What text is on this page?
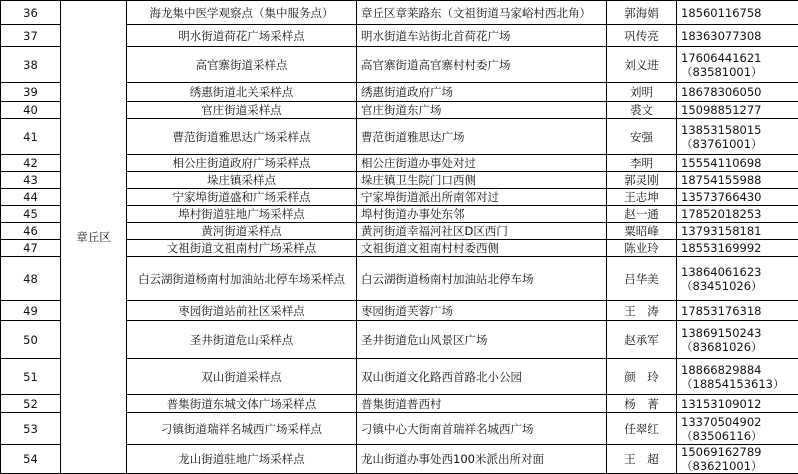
36	章丘区	海龙集中医学观察点（集中服务点）	章丘区章莱路东（文祖街道马家峪村西北角）	郭海娟	18560116758
37		明水街道荷花广场采样点	明水街道车站街北首荷花广场	巩传亮	18363077308
38		高官寨街道采样点	高官寨街道高官寨村村委广场	刘义进	17606441621（83581001）
39		绣惠街道北关采样点	绣惠街道政府广场	刘明	18678306050
40		官庄街道采样点	官庄街道东广场	裘文	15098851277
41		曹范街道雅思达广场采样点	曹范街道雅思达广场	安强	13853158015（83761001）
42		相公庄街道政府广场采样点	相公庄街道办事处对过	李明	15554110698
43		垛庄镇采样点	垛庄镇卫生院门口西侧	郭灵刚	18754155988
44		宁家埠街道盛和广场采样点	宁家埠街道派出所南邻对过	王志坤	13573766430
45		埠村街道驻地广场采样点	埠村街道办事处东邻	赵一通	17852018253
46		黄河街道采样点	黄河街道幸福河社区D区西门	粟昭峰	13793158181
47		文祖街道文祖南村广场采样点	文祖街道文祖南村村委西侧	陈业玲	18553169992
48		白云湖街道杨南村加油站北停车场采样点	白云湖街道杨南村加油站北停车场	吕华美	13864061623（83451026）
49		枣园街道站前社区采样点	枣园街道芙蓉广场	王　涛	17853176318
50		圣井街道危山采样点	圣井街道危山风景区广场	赵承军	13869150243（83681026）
51		双山街道采样点	双山街道文化路西首路北小公园	颜　玲	18866829884（18854153613）
52		普集街道东城文体广场采样点	普集街道普西村	杨　菁	13153109012
53		刁镇街道瑞祥名城西广场采样点	刁镇中心大街南首瑞祥名城西广场	任翠红	13370504902（83506116）
54		龙山街道驻地广场采样点	龙山街道办事处西100米派出所对面	王　超	15069162789（83621001）
